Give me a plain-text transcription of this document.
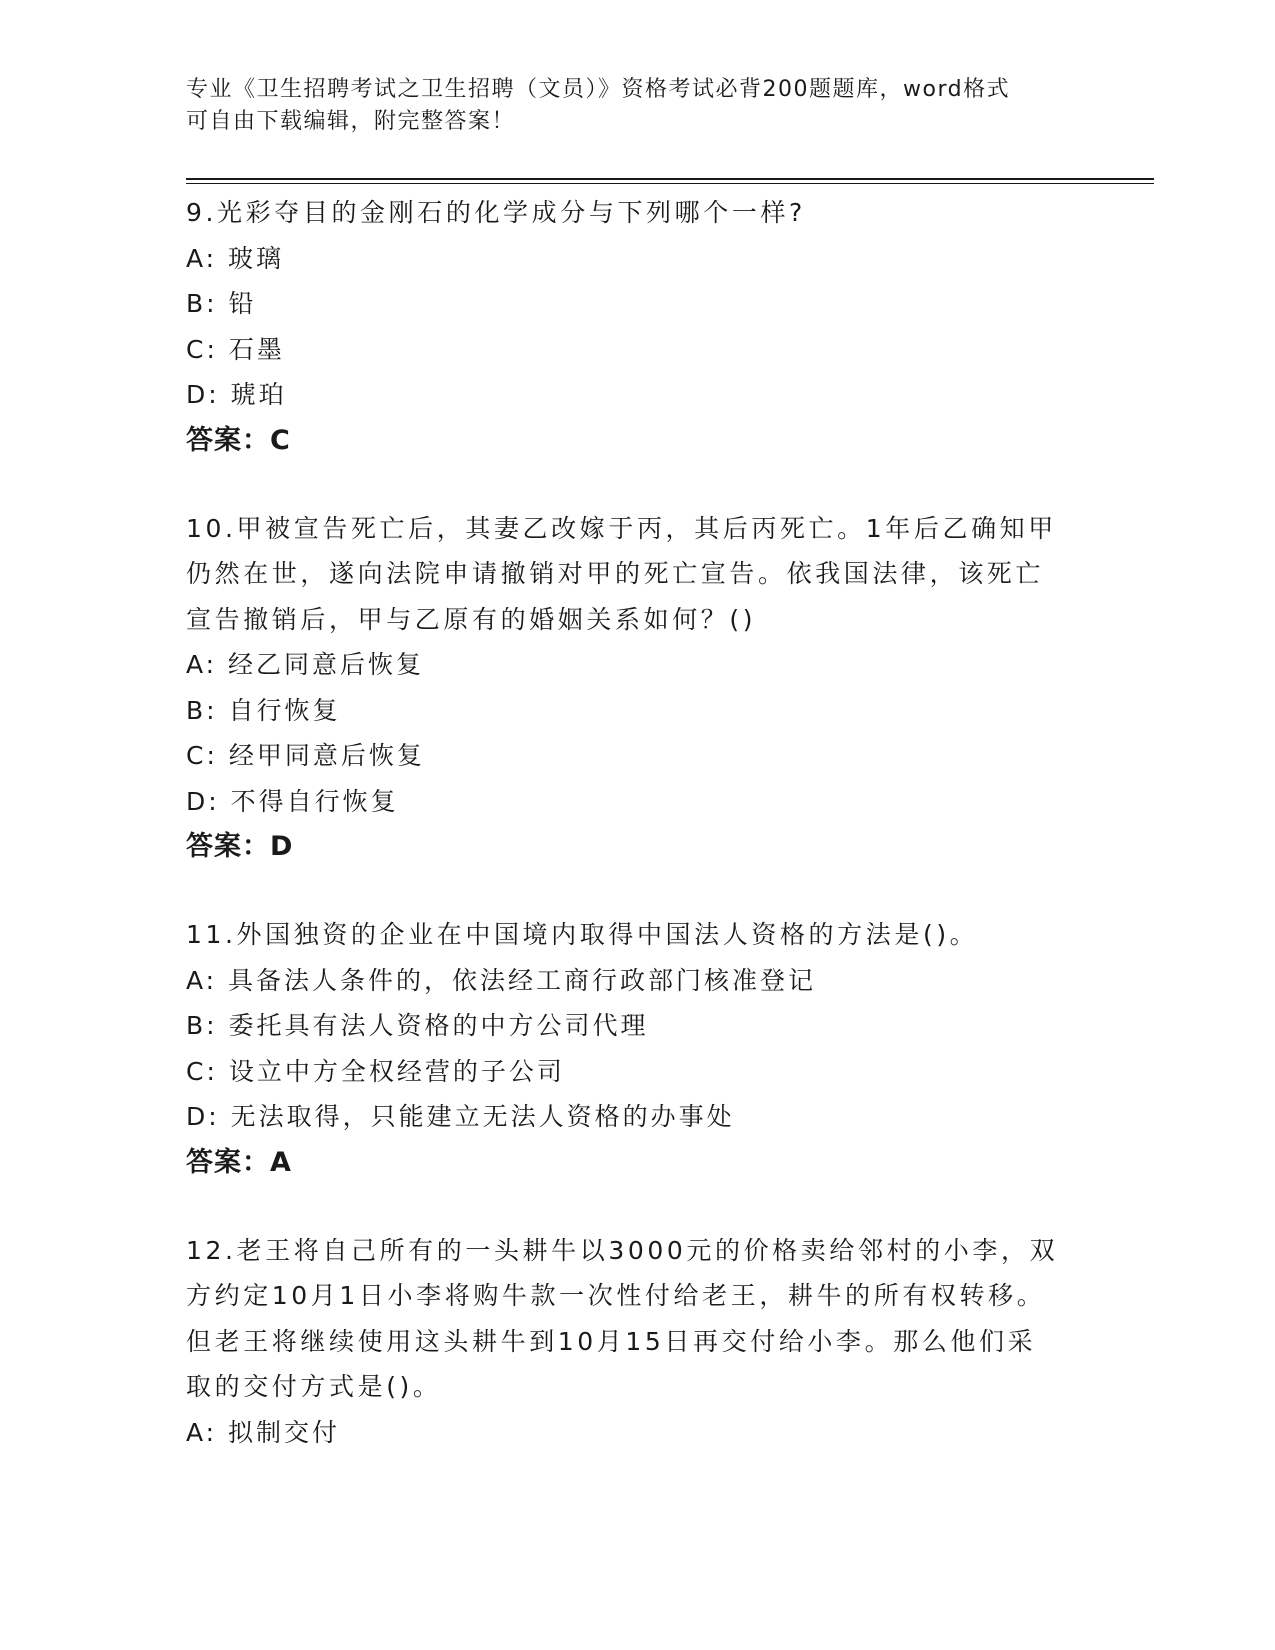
专业《卫生招聘考试之卫生招聘（文员）》资格考试必背200题题库，word格式
可自由下载编辑，附完整答案！
9.光彩夺目的金刚石的化学成分与下列哪个一样?
A: 玻璃
B: 铅
C: 石墨
D: 琥珀
答案：C
10.甲被宣告死亡后，其妻乙改嫁于丙，其后丙死亡。1年后乙确知甲
仍然在世，遂向法院申请撤销对甲的死亡宣告。依我国法律，该死亡
宣告撤销后，甲与乙原有的婚姻关系如何？()
A: 经乙同意后恢复
B: 自行恢复
C: 经甲同意后恢复
D: 不得自行恢复
答案：D
11.外国独资的企业在中国境内取得中国法人资格的方法是()。
A: 具备法人条件的，依法经工商行政部门核准登记
B: 委托具有法人资格的中方公司代理
C: 设立中方全权经营的子公司
D: 无法取得，只能建立无法人资格的办事处
答案：A
12.老王将自己所有的一头耕牛以3000元的价格卖给邻村的小李，双
方约定10月1日小李将购牛款一次性付给老王，耕牛的所有权转移。
但老王将继续使用这头耕牛到10月15日再交付给小李。那么他们采
取的交付方式是()。
A: 拟制交付
